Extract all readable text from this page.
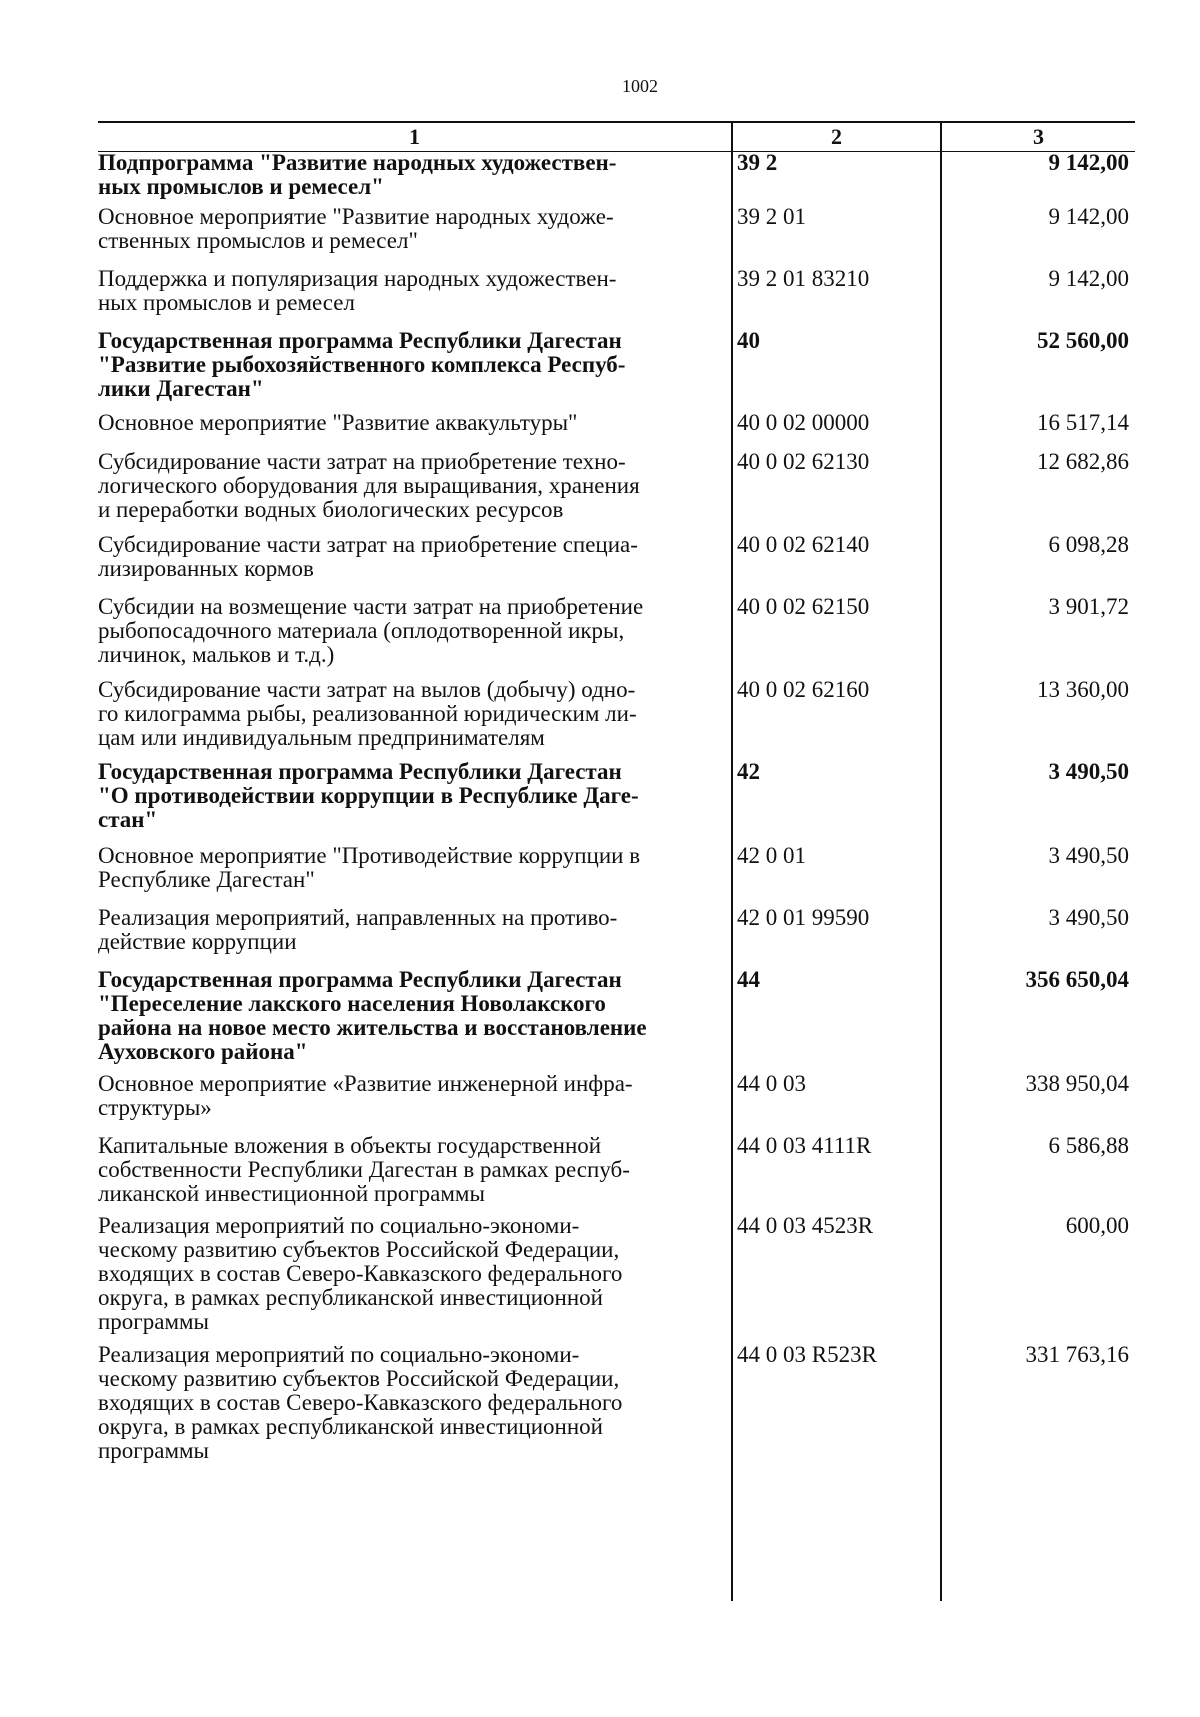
1002
1	2	3
Подпрограмма "Развитие народных художествен-
ных промыслов и ремесел"
39 2	9 142,00
Основное мероприятие "Развитие народных художе-
ственных промыслов и ремесел"
39 2 01	9 142,00
Поддержка и популяризация народных художествен-
ных промыслов и ремесел
39 2 01 83210	9 142,00
Государственная программа Республики Дагестан
"Развитие рыбохозяйственного комплекса Респуб-
лики Дагестан"
40	52 560,00
Основное мероприятие "Развитие аквакультуры"	40 0 02 00000	16 517,14
Субсидирование части затрат на приобретение техно-
логического оборудования для выращивания, хранения
и переработки водных биологических ресурсов
40 0 02 62130	12 682,86
Субсидирование части затрат на приобретение специа-
лизированных кормов
40 0 02 62140	6 098,28
Субсидии на возмещение части затрат на приобретение
рыбопосадочного материала (оплодотворенной икры,
личинок, мальков и т.д.)
40 0 02 62150	3 901,72
Субсидирование части затрат на вылов (добычу) одно-
го килограмма рыбы, реализованной юридическим ли-
цам или индивидуальным предпринимателям
40 0 02 62160	13 360,00
Государственная программа Республики Дагестан
"О противодействии коррупции в Республике Даге-
стан"
42	3 490,50
Основное мероприятие "Противодействие коррупции в
Республике Дагестан"
42 0 01	3 490,50
Реализация мероприятий, направленных на противо-
действие коррупции
42 0 01 99590	3 490,50
Государственная программа Республики Дагестан
"Переселение лакского населения Новолакского
района на новое место жительства и восстановление
Ауховского района"
44	356 650,04
Основное мероприятие «Развитие инженерной инфра-
структуры»
44 0 03	338 950,04
Капитальные вложения в объекты государственной
собственности Республики Дагестан в рамках респуб-
ликанской инвестиционной программы
44 0 03 4111R	6 586,88
Реализация мероприятий по социально-экономи-
ческому развитию субъектов Российской Федерации,
входящих в состав Северо-Кавказского федерального
округа, в рамках республиканской инвестиционной
программы
44 0 03 4523R	600,00
Реализация мероприятий по социально-экономи-
ческому развитию субъектов Российской Федерации,
входящих в состав Северо-Кавказского федерального
округа, в рамках республиканской инвестиционной
программы
44 0 03 R523R	331 763,16
